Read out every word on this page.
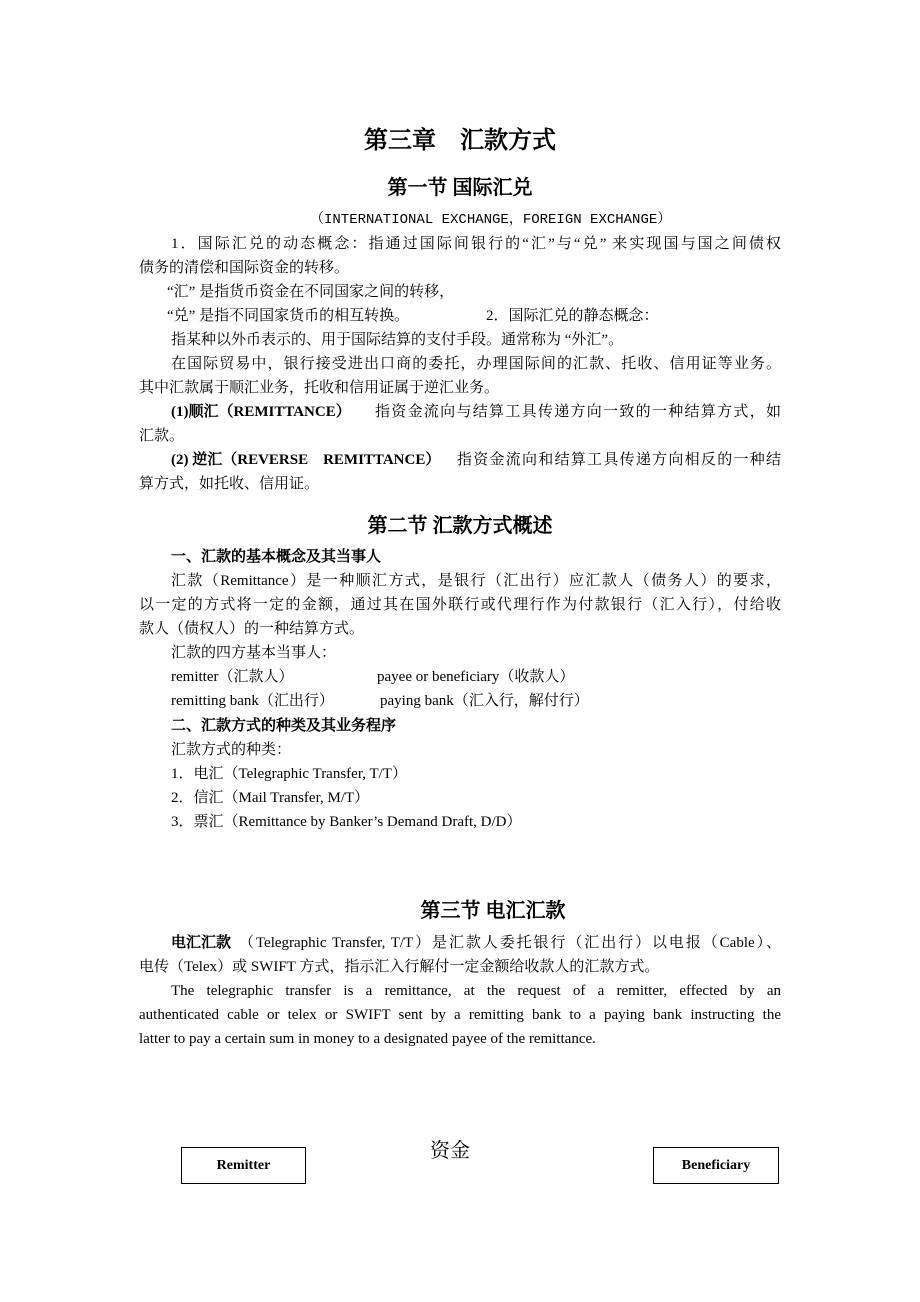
第三章　汇款方式
第一节 国际汇兑
（INTERNATIONAL EXCHANGE，FOREIGN EXCHANGE）
1．国际汇兑的动态概念：指通过国际间银行的“汇”与“兑” 来实现国与国之间债权
债务的清偿和国际资金的转移。
“汇” 是指货币资金在不同国家之间的转移，
“兑” 是指不同国家货币的相互转换。	2．国际汇兑的静态概念：
指某种以外币表示的、用于国际结算的支付手段。通常称为 “外汇”。
在国际贸易中，银行接受进出口商的委托，办理国际间的汇款、托收、信用证等业务。
其中汇款属于顺汇业务，托收和信用证属于逆汇业务。
(1)顺汇（REMITTANCE） 指资金流向与结算工具传递方向一致的一种结算方式，如
汇款。
(2) 逆汇（REVERSE　REMITTANCE） 指资金流向和结算工具传递方向相反的一种结
算方式，如托收、信用证。
第二节 汇款方式概述
一、汇款的基本概念及其当事人
汇款（Remittance）是一种顺汇方式，是银行（汇出行）应汇款人（债务人）的要求，
以一定的方式将一定的金额，通过其在国外联行或代理行作为付款银行（汇入行），付给收
款人（债权人）的一种结算方式。
汇款的四方基本当事人：
remitter（汇款人）	payee or beneficiary（收款人）
remitting bank（汇出行）	paying bank（汇入行，解付行）
二、汇款方式的种类及其业务程序
汇款方式的种类：
1．电汇（Telegraphic Transfer, T/T）
2．信汇（Mail Transfer, M/T）
3．票汇（Remittance by Banker’s Demand Draft, D/D）
第三节 电汇汇款
电汇汇款 （Telegraphic Transfer, T/T）是汇款人委托银行（汇出行）以电报（Cable）、
电传（Telex）或 SWIFT 方式，指示汇入行解付一定金额给收款人的汇款方式。
The telegraphic transfer is a remittance, at the request of a remitter, effected by an
authenticated cable or telex or SWIFT sent by a remitting bank to a paying bank instructing the
latter to pay a certain sum in money to a designated payee of the remittance.
Remitter
资金
Beneficiary
